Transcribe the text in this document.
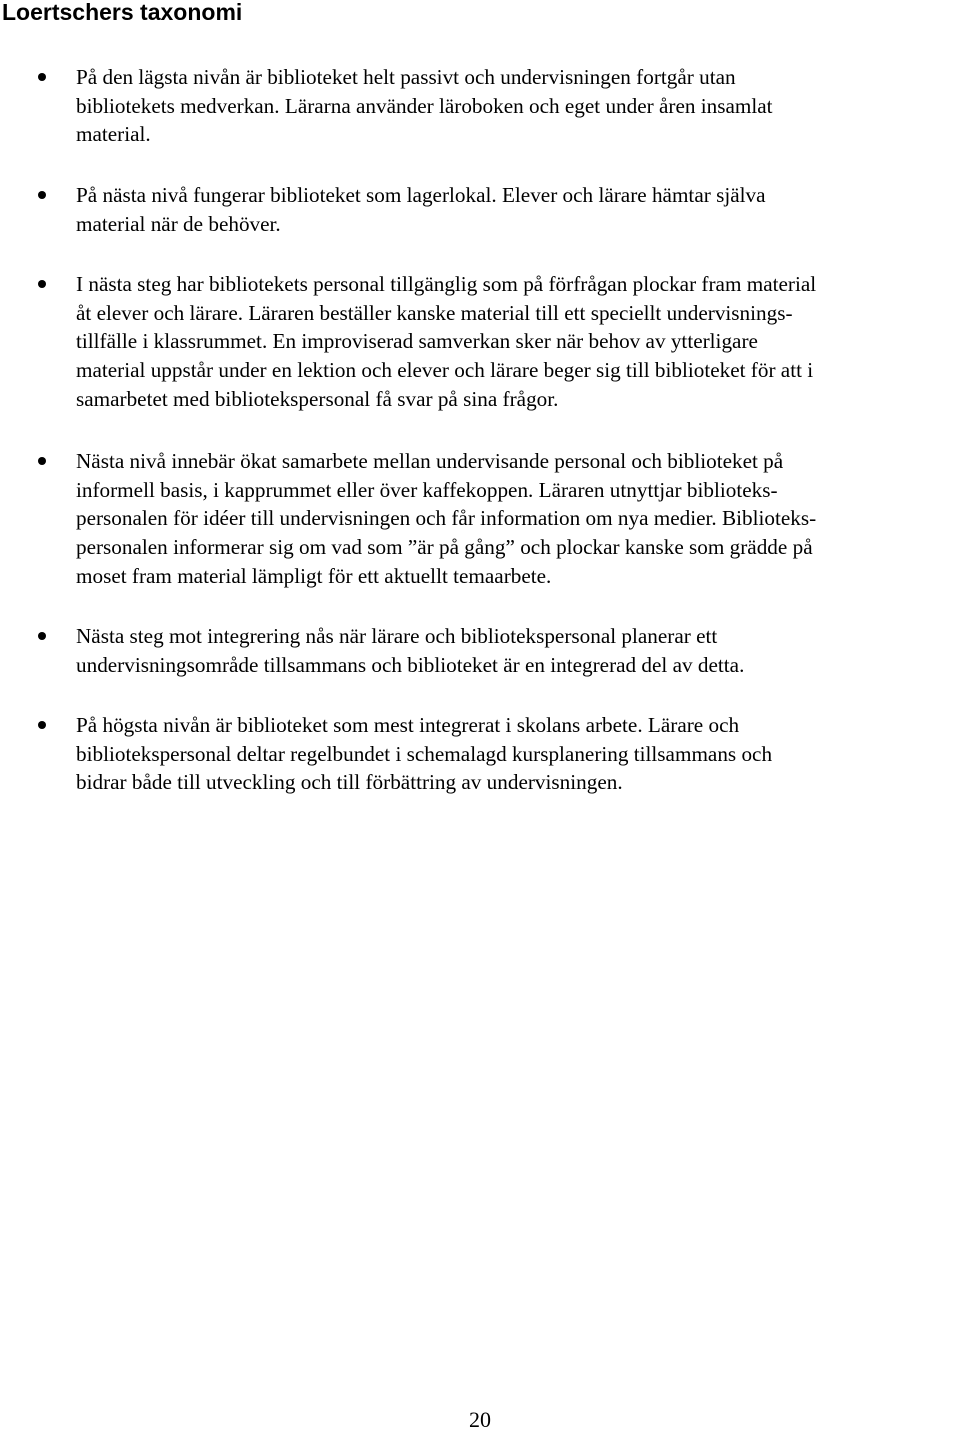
Loertschers taxonomi
På den lägsta nivån är biblioteket helt passivt och undervisningen fortgår utan
bibliotekets medverkan. Lärarna använder läroboken och eget under åren insamlat
material.
På nästa nivå fungerar biblioteket som lagerlokal. Elever och lärare hämtar själva
material när de behöver.
I nästa steg har bibliotekets personal tillgänglig som på förfrågan plockar fram material
åt elever och lärare. Läraren beställer kanske material till ett speciellt undervisnings-
tillfälle i klassrummet. En improviserad samverkan sker när behov av ytterligare
material uppstår under en lektion och elever och lärare beger sig till biblioteket för att i
samarbetet med bibliotekspersonal få svar på sina frågor.
Nästa nivå innebär ökat samarbete mellan undervisande personal och biblioteket på
informell basis, i kapprummet eller över kaffekoppen. Läraren utnyttjar biblioteks-
personalen för idéer till undervisningen och får information om nya medier. Biblioteks-
personalen informerar sig om vad som ”är på gång” och plockar kanske som grädde på
moset fram material lämpligt för ett aktuellt temaarbete.
Nästa steg mot integrering nås när lärare och bibliotekspersonal planerar ett
undervisningsområde tillsammans och biblioteket är en integrerad del av detta.
På högsta nivån är biblioteket som mest integrerat i skolans arbete. Lärare och
bibliotekspersonal deltar regelbundet i schemalagd kursplanering tillsammans och
bidrar både till utveckling och till förbättring av undervisningen.
20
